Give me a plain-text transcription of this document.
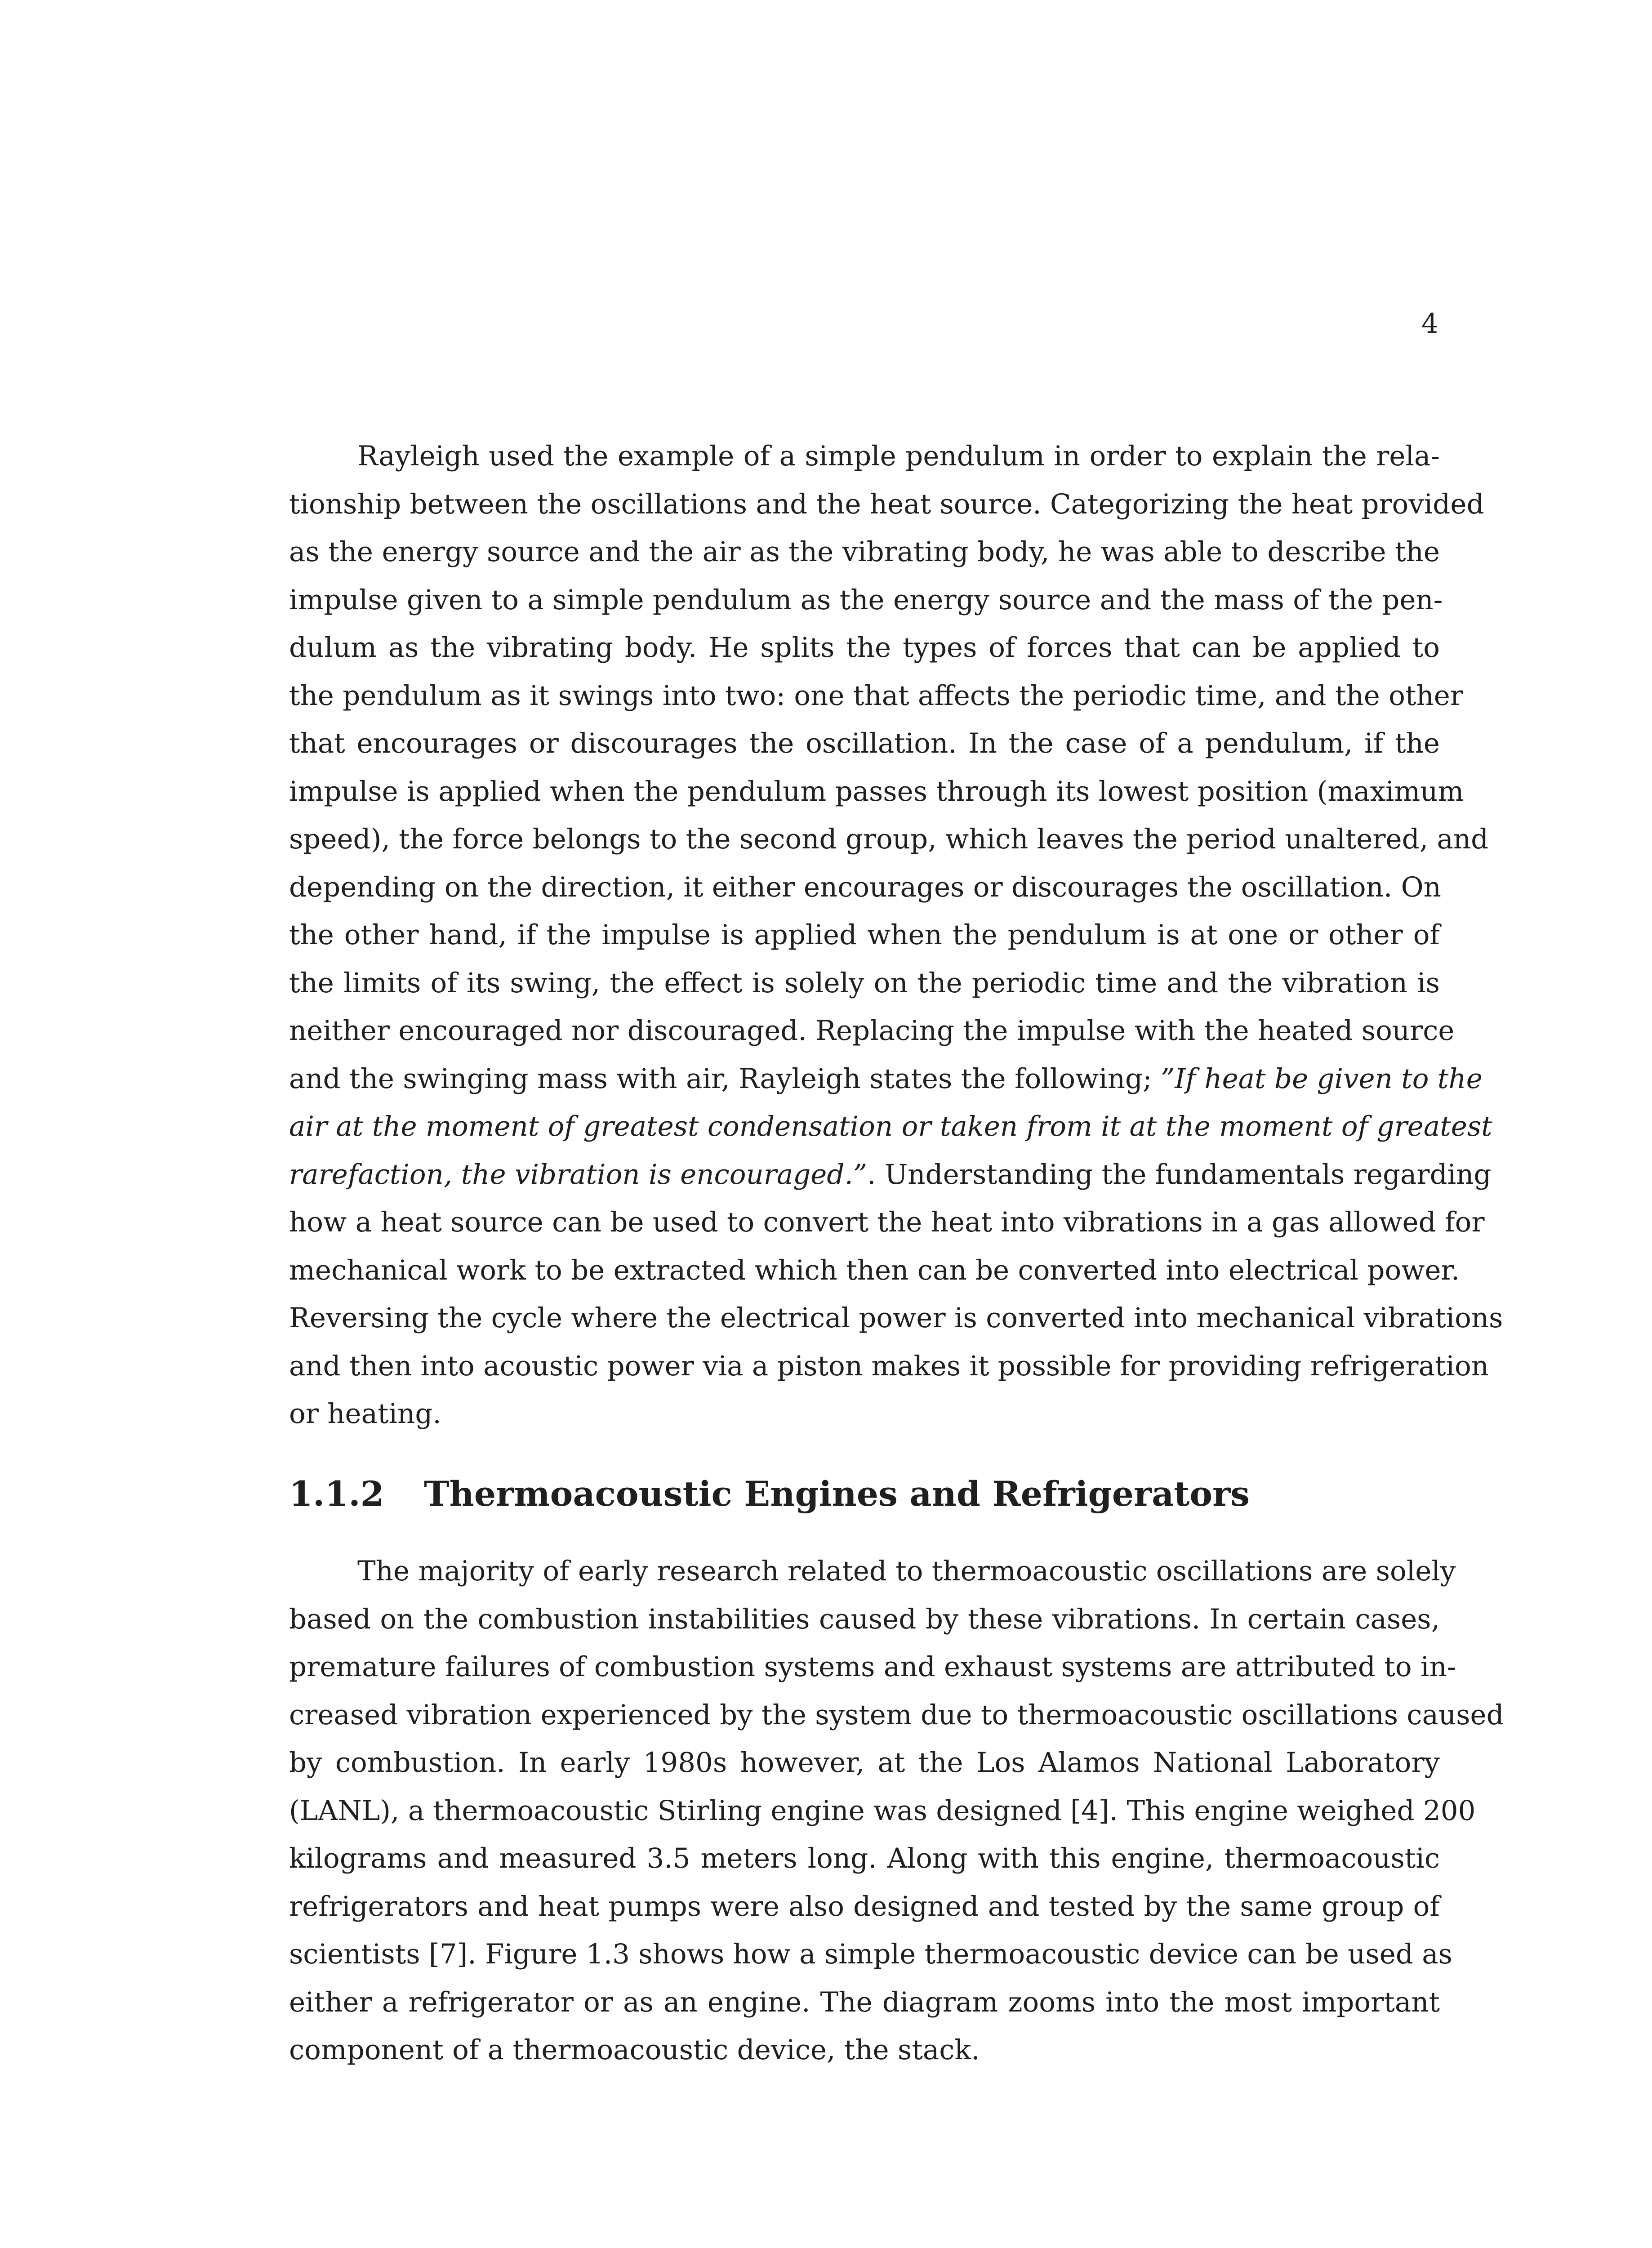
4
Rayleigh used the example of a simple pendulum in order to explain the rela-
tionship between the oscillations and the heat source. Categorizing the heat provided
as the energy source and the air as the vibrating body, he was able to describe the
impulse given to a simple pendulum as the energy source and the mass of the pen-
dulum as the vibrating body. He splits the types of forces that can be applied to
the pendulum as it swings into two: one that affects the periodic time, and the other
that encourages or discourages the oscillation. In the case of a pendulum, if the
impulse is applied when the pendulum passes through its lowest position (maximum
speed), the force belongs to the second group, which leaves the period unaltered, and
depending on the direction, it either encourages or discourages the oscillation. On
the other hand, if the impulse is applied when the pendulum is at one or other of
the limits of its swing, the effect is solely on the periodic time and the vibration is
neither encouraged nor discouraged. Replacing the impulse with the heated source
and the swinging mass with air, Rayleigh states the following; ”If heat be given to the
air at the moment of greatest condensation or taken from it at the moment of greatest
rarefaction, the vibration is encouraged.”. Understanding the fundamentals regarding
how a heat source can be used to convert the heat into vibrations in a gas allowed for
mechanical work to be extracted which then can be converted into electrical power.
Reversing the cycle where the electrical power is converted into mechanical vibrations
and then into acoustic power via a piston makes it possible for providing refrigeration
or heating.
1.1.2 Thermoacoustic Engines and Refrigerators
The majority of early research related to thermoacoustic oscillations are solely
based on the combustion instabilities caused by these vibrations. In certain cases,
premature failures of combustion systems and exhaust systems are attributed to in-
creased vibration experienced by the system due to thermoacoustic oscillations caused
by combustion. In early 1980s however, at the Los Alamos National Laboratory
(LANL), a thermoacoustic Stirling engine was designed [4]. This engine weighed 200
kilograms and measured 3.5 meters long. Along with this engine, thermoacoustic
refrigerators and heat pumps were also designed and tested by the same group of
scientists [7]. Figure 1.3 shows how a simple thermoacoustic device can be used as
either a refrigerator or as an engine. The diagram zooms into the most important
component of a thermoacoustic device, the stack.
